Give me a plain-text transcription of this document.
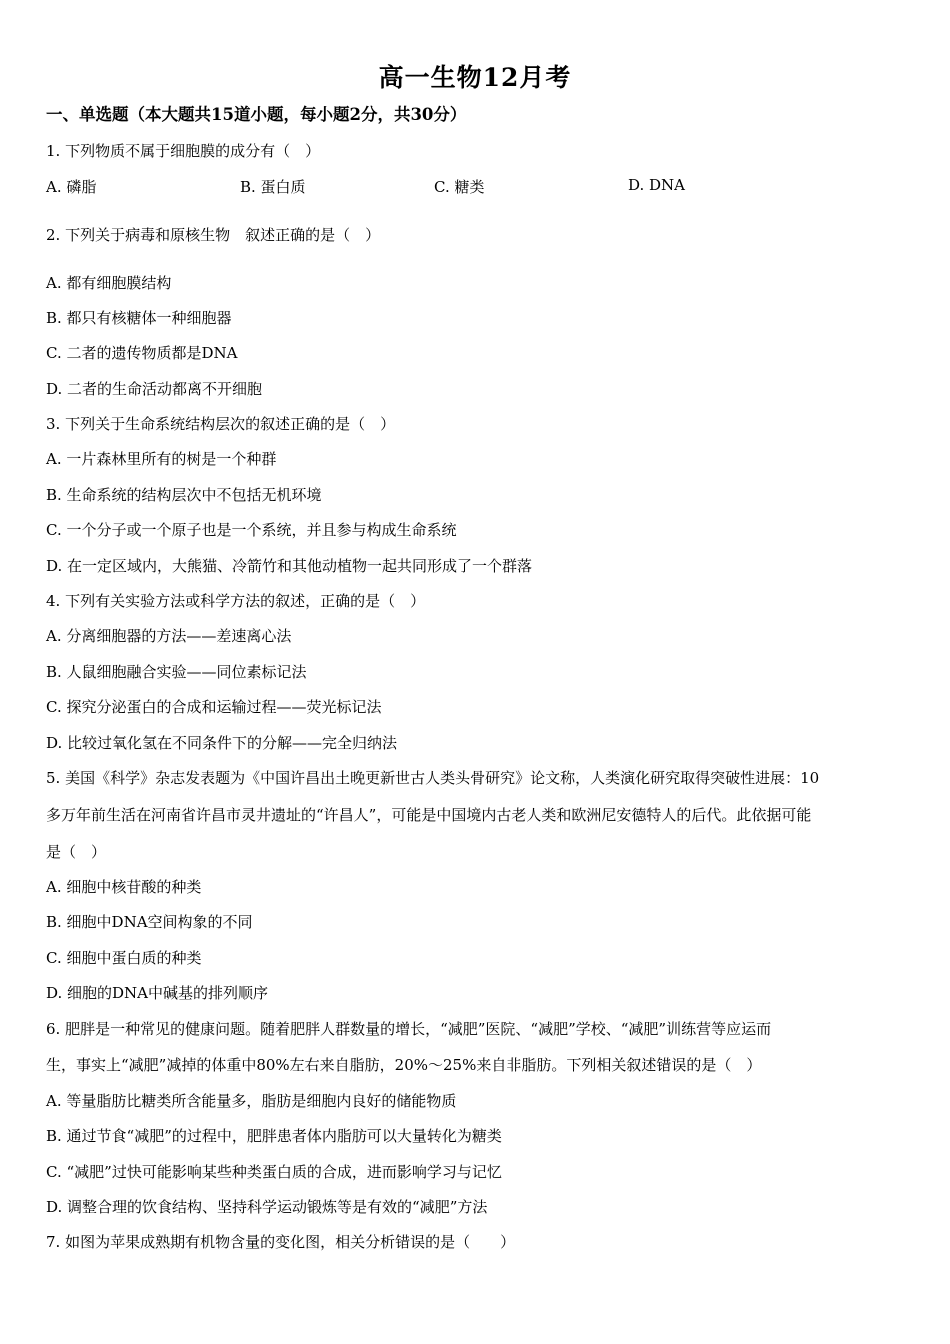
高一生物12月考
一、单选题（本大题共15道小题，每小题2分，共30分）
1. 下列物质不属于细胞膜的成分有（　）
A. 磷脂	B. 蛋白质	C. 糖类	D. DNA
2. 下列关于病毒和原核生物　叙述正确的是（　）
A. 都有细胞膜结构
B. 都只有核糖体一种细胞器
C. 二者的遗传物质都是DNA
D. 二者的生命活动都离不开细胞
3. 下列关于生命系统结构层次的叙述正确的是（　）
A. 一片森林里所有的树是一个种群
B. 生命系统的结构层次中不包括无机环境
C. 一个分子或一个原子也是一个系统，并且参与构成生命系统
D. 在一定区域内，大熊猫、冷箭竹和其他动植物一起共同形成了一个群落
4. 下列有关实验方法或科学方法的叙述，正确的是（　）
A. 分离细胞器的方法——差速离心法
B. 人鼠细胞融合实验——同位素标记法
C. 探究分泌蛋白的合成和运输过程——荧光标记法
D. 比较过氧化氢在不同条件下的分解——完全归纳法
5. 美国《科学》杂志发表题为《中国许昌出土晚更新世古人类头骨研究》论文称，人类演化研究取得突破性进展：10
多万年前生活在河南省许昌市灵井遗址的“许昌人”，可能是中国境内古老人类和欧洲尼安德特人的后代。此依据可能
是（　）
A. 细胞中核苷酸的种类
B. 细胞中DNA空间构象的不同
C. 细胞中蛋白质的种类
D. 细胞的DNA中碱基的排列顺序
6. 肥胖是一种常见的健康问题。随着肥胖人群数量的增长，“减肥”医院、“减肥”学校、“减肥”训练营等应运而
生，事实上“减肥”减掉的体重中80%左右来自脂肪，20%～25%来自非脂肪。下列相关叙述错误的是（　）
A. 等量脂肪比糖类所含能量多，脂肪是细胞内良好的储能物质
B. 通过节食“减肥”的过程中，肥胖患者体内脂肪可以大量转化为糖类
C. “减肥”过快可能影响某些种类蛋白质的合成，进而影响学习与记忆
D. 调整合理的饮食结构、坚持科学运动锻炼等是有效的“减肥”方法
7. 如图为苹果成熟期有机物含量的变化图，相关分析错误的是（　　）
